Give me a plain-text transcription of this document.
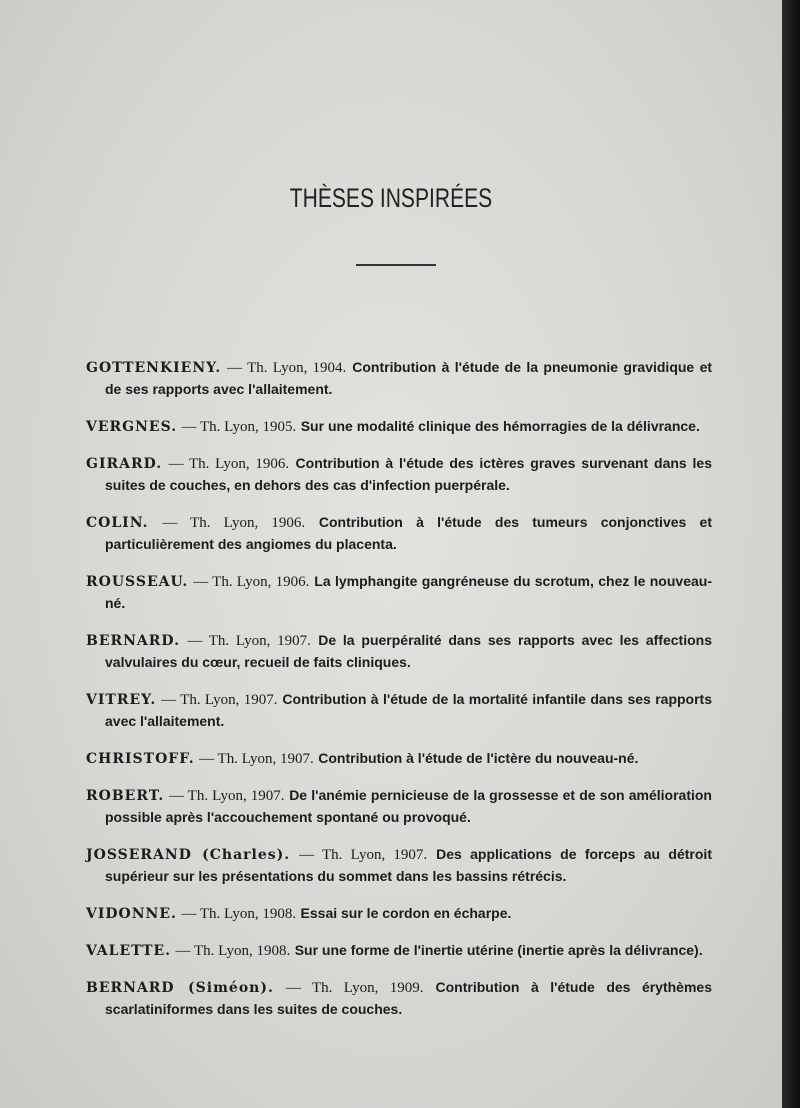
THÈSES INSPIRÉES

GOTTENKIENY. — Th. Lyon, 1904. Contribution à l'étude de la pneumonie gravidique et de ses rapports avec l'allaitement.

VERGNES. — Th. Lyon, 1905. Sur une modalité clinique des hémorragies de la délivrance.

GIRARD. — Th. Lyon, 1906. Contribution à l'étude des ictères graves survenant dans les suites de couches, en dehors des cas d'infection puerpérale.

COLIN. — Th. Lyon, 1906. Contribution à l'étude des tumeurs conjonctives et particulièrement des angiomes du placenta.

ROUSSEAU. — Th. Lyon, 1906. La lymphangite gangréneuse du scrotum, chez le nouveau-né.

BERNARD. — Th. Lyon, 1907. De la puerpéralité dans ses rapports avec les affections valvulaires du cœur, recueil de faits cliniques.

VITREY. — Th. Lyon, 1907. Contribution à l'étude de la mortalité infantile dans ses rapports avec l'allaitement.

CHRISTOFF. — Th. Lyon, 1907. Contribution à l'étude de l'ictère du nouveau-né.

ROBERT. — Th. Lyon, 1907. De l'anémie pernicieuse de la grossesse et de son amélioration possible après l'accouchement spontané ou provoqué.

JOSSERAND (Charles). — Th. Lyon, 1907. Des applications de forceps au détroit supérieur sur les présentations du sommet dans les bassins rétrécis.

VIDONNE. — Th. Lyon, 1908. Essai sur le cordon en écharpe.

VALETTE. — Th. Lyon, 1908. Sur une forme de l'inertie utérine (inertie après la délivrance).

BERNARD (Siméon). — Th. Lyon, 1909. Contribution à l'étude des érythèmes scarlatiniformes dans les suites de couches.
